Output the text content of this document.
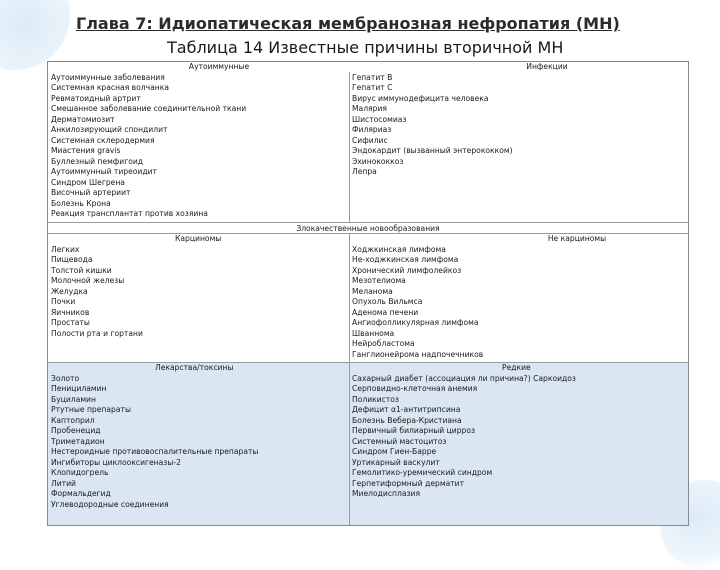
Глава 7: Идиопатическая мембранозная нефропатия (МН)
Таблица 14 Известные причины вторичной МН
Аутоиммунные
Аутоиммунные заболевания
Системная красная волчанка
Ревматоидный артрит
Смешанное заболевание соединительной ткани
Дерматомиозит
Анкилозирующий спондилит
Системная склеродермия
Миастения gravis
Буллезный пемфигоид
Аутоиммунный тиреоидит
Синдром Шегрена
Височный артериит
Болезнь Крона
Реакция трансплантат против хозяина
Инфекции
Гепатит В
Гепатит С
Вирус иммунодефицита человека
Малярия
Шистосомиаз
Филяриаз
Сифилис
Эндокардит (вызванный энтерококком)
Эхинококкоз
Лепра
Злокачественные новообразования
Карциномы
Легких
Пищевода
Толстой кишки
Молочной железы
Желудка
Почки
Яичников
Простаты
Полости рта и гортани
Не карциномы
Ходжкинская лимфома
Не-ходжкинская лимфома
Хронический лимфолейкоз
Мезотелиома
Меланома
Опухоль Вильмса
Аденома печени
Ангиофолликулярная лимфома
Шваннома
Нейробластома
Ганглионейрома надпочечников
Лекарства/токсины
Золото
Пенициламин
Буциламин
Ртутные препараты
Каптоприл
Пробенецид
Триметадион
Нестероидные противовоспалительные препараты
Ингибиторы циклооксигеназы-2
Клопидогрель
Литий
Формальдегид
Углеводородные соединения
Редкие
Сахарный диабет (ассоциация ли причина?) Саркоидоз
Серповидно-клеточная анемия
Поликистоз
Дефицит α1-антитрипсина
Болезнь Вебера-Кристиана
Первичный билиарный цирроз
Системный мастоцитоз
Синдром Гиен-Барре
Уртикарный васкулит
Гемолитико-уремический синдром
Герпетиформный дерматит
Миелодисплазия
